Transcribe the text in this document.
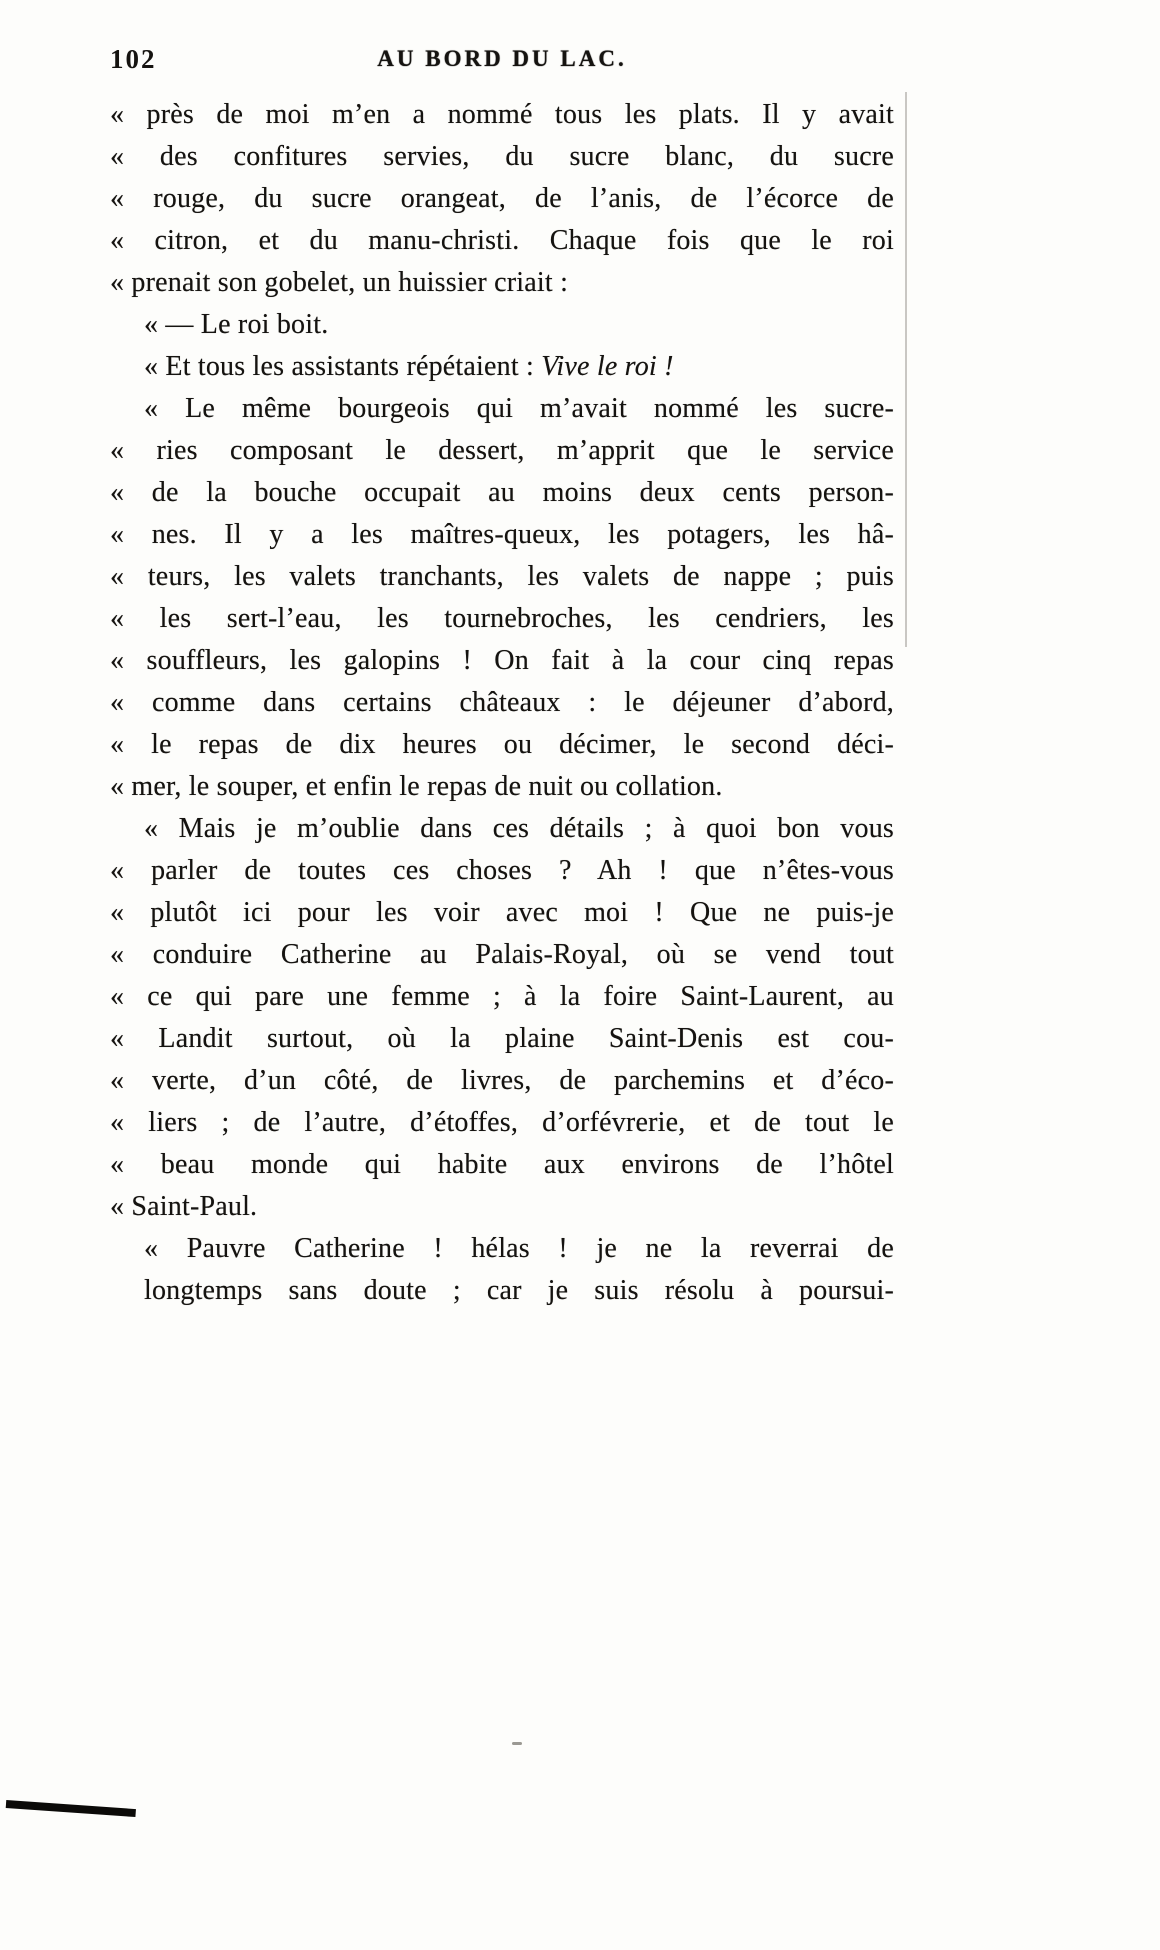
102	AU BORD DU LAC.
« près de moi m’en a nommé tous les plats. Il y avait
« des confitures servies, du sucre blanc, du sucre
« rouge, du sucre orangeat, de l’anis, de l’écorce de
« citron, et du manu-christi. Chaque fois que le roi
« prenait son gobelet, un huissier criait :
« — Le roi boit.
« Et tous les assistants répétaient : Vive le roi !
« Le même bourgeois qui m’avait nommé les sucre-
« ries composant le dessert, m’apprit que le service
« de la bouche occupait au moins deux cents person-
« nes. Il y a les maîtres-queux, les potagers, les hâ-
« teurs, les valets tranchants, les valets de nappe ; puis
« les sert-l’eau, les tournebroches, les cendriers, les
« souffleurs, les galopins ! On fait à la cour cinq repas
« comme dans certains châteaux : le déjeuner d’abord,
« le repas de dix heures ou décimer, le second déci-
« mer, le souper, et enfin le repas de nuit ou collation.
« Mais je m’oublie dans ces détails ; à quoi bon vous
« parler de toutes ces choses ? Ah ! que n’êtes-vous
« plutôt ici pour les voir avec moi ! Que ne puis-je
« conduire Catherine au Palais-Royal, où se vend tout
« ce qui pare une femme ; à la foire Saint-Laurent, au
« Landit surtout, où la plaine Saint-Denis est cou-
« verte, d’un côté, de livres, de parchemins et d’éco-
« liers ; de l’autre, d’étoffes, d’orfévrerie, et de tout le
« beau monde qui habite aux environs de l’hôtel
« Saint-Paul.
« Pauvre Catherine ! hélas ! je ne la reverrai de
longtemps sans doute ; car je suis résolu à poursui-
